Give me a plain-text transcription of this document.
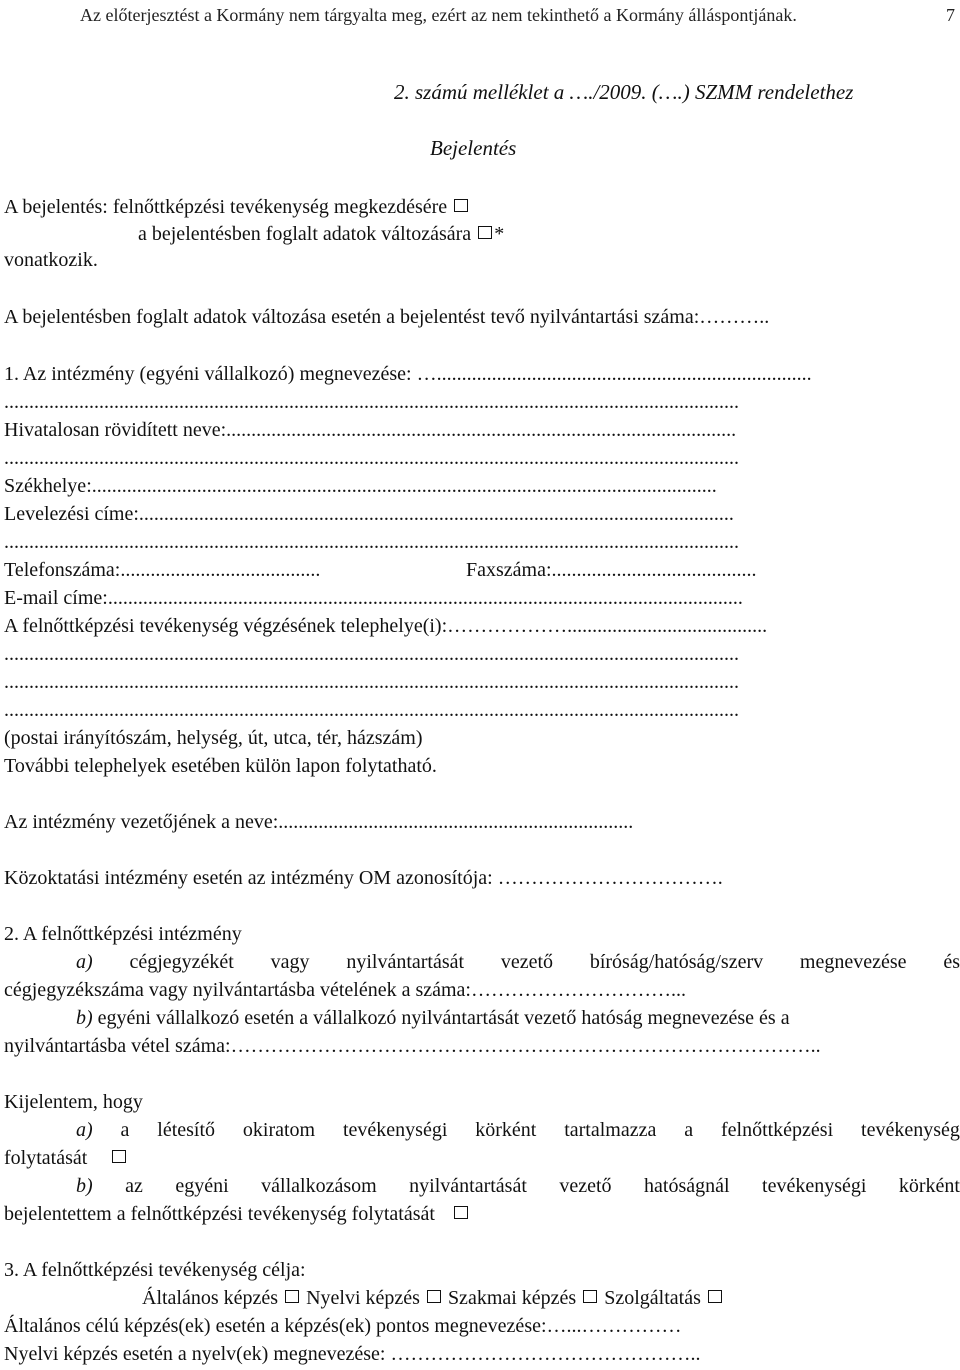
Az előterjesztést a Kormány nem tárgyalta meg, ezért az nem tekinthető a Kormány álláspontjának.	7
2. számú melléklet a …./2009. (….) SZMM rendelethez
Bejelentés
A bejelentés: felnőttképzési tevékenység megkezdésére
a bejelentésben foglalt adatok változására *
vonatkozik.
A bejelentésben foglalt adatok változása esetén a bejelentést tevő nyilvántartási száma:………..
1. Az intézmény (egyéni vállalkozó) megnevezése: …...........................................................................
...................................................................................................................................................
Hivatalosan rövidített neve:......................................................................................................
...................................................................................................................................................
Székhelye:.............................................................................................................................
Levelezési címe:.......................................................................................................................
...................................................................................................................................................
Telefonszáma:........................................	Faxszáma:.........................................
E-mail címe:...............................................................................................................................
A felnőttképzési tevékenység végzésének telephelye(i):………………........................................
...................................................................................................................................................
...................................................................................................................................................
...................................................................................................................................................
(postai irányítószám, helység, út, utca, tér, házszám)
További telephelyek esetében külön lapon folytatható.
Az intézmény vezetőjének a neve:.......................................................................
Közoktatási intézmény esetén az intézmény OM azonosítója: …………………………….
2. A felnőttképzési intézmény
a) cégjegyzékét vagy nyilvántartását vezető bíróság/hatóság/szerv megnevezése és
cégjegyzékszáma vagy nyilvántartásba vételének a száma:…………………………...
b) egyéni vállalkozó esetén a vállalkozó nyilvántartását vezető hatóság megnevezése és a
nyilvántartásba vétel száma:……………………………………………………………………………..
Kijelentem, hogy
a) a létesítő okiratom tevékenységi körként tartalmazza a felnőttképzési tevékenység
folytatását
b) az egyéni vállalkozásom nyilvántartását vezető hatóságnál tevékenységi körként
bejelentettem a felnőttképzési tevékenység folytatását
3. A felnőttképzési tevékenység célja:
Általános képzés Nyelvi képzés Szakmai képzés Szolgáltatás
Általános célú képzés(ek) esetén a képzés(ek) pontos megnevezése:…...……………
Nyelvi képzés esetén a nyelv(ek) megnevezése: ………………………………………..
